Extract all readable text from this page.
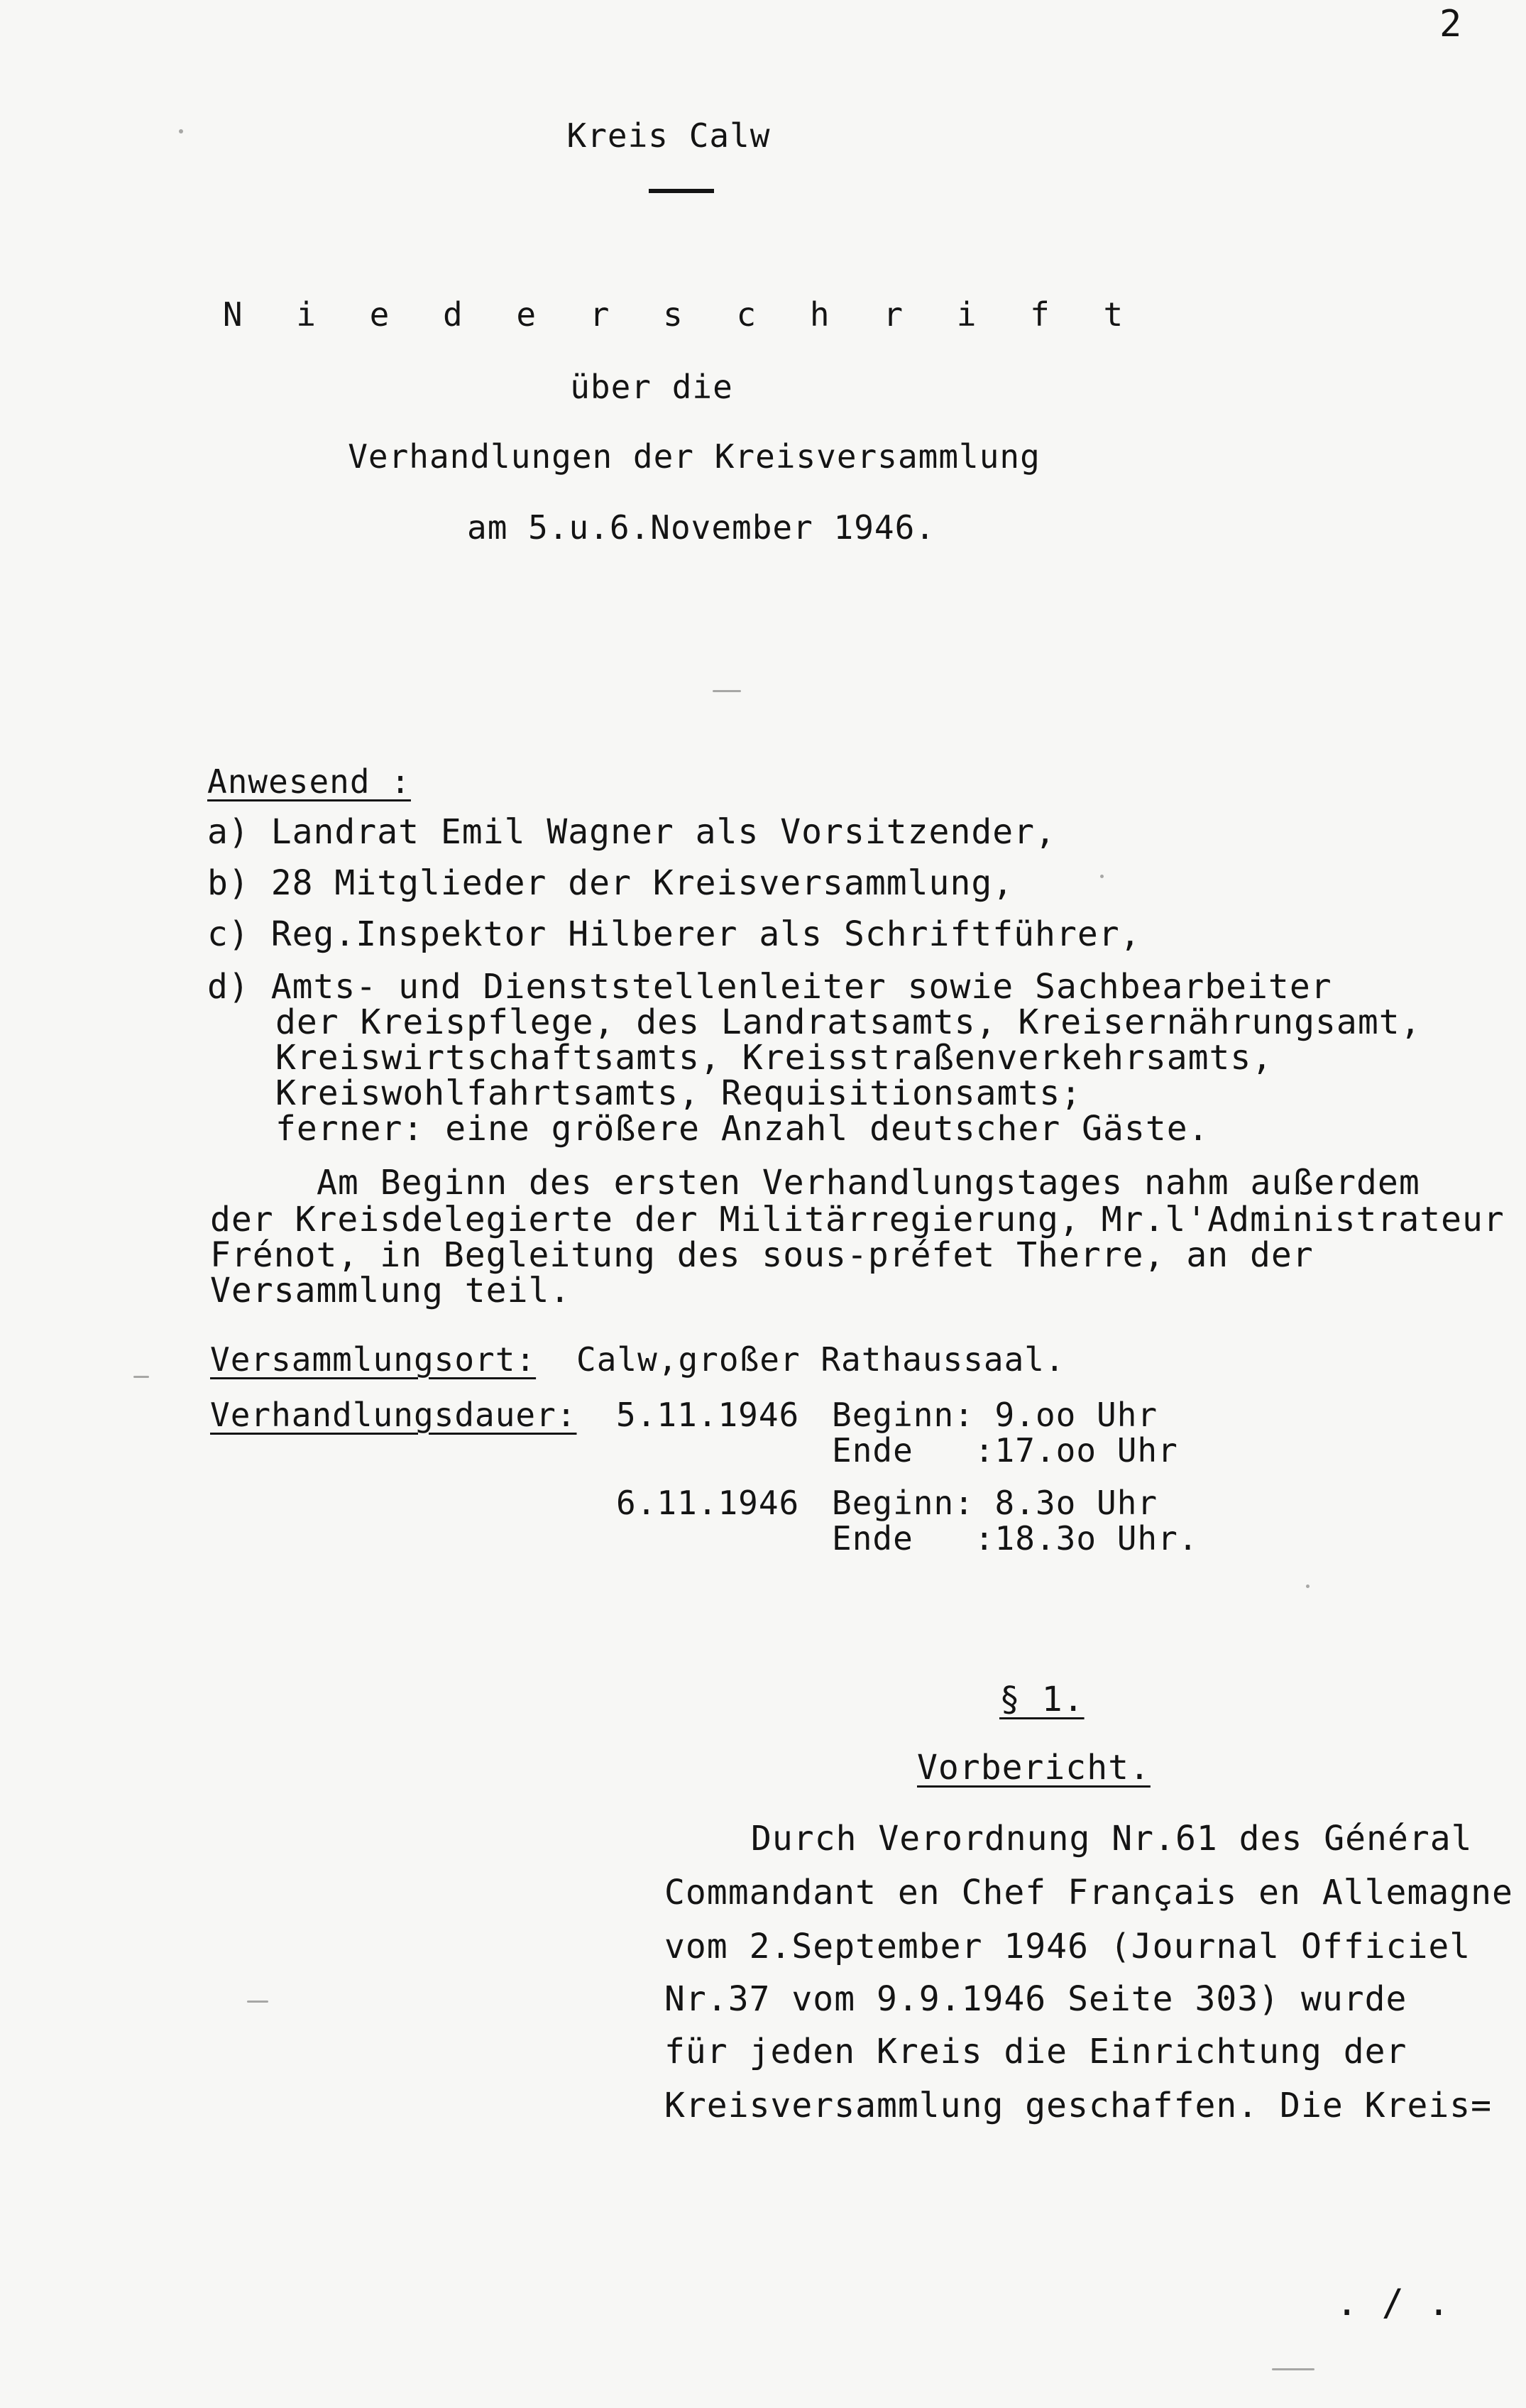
2
Kreis Calw
N i e d e r s c h r i f t
über die
Verhandlungen der Kreisversammlung
am 5.u.6.November 1946.
Anwesend :
a) Landrat Emil Wagner als Vorsitzender,
b) 28 Mitglieder der Kreisversammlung,
c) Reg.Inspektor Hilberer als Schriftführer,
d) Amts- und Dienststellenleiter sowie Sachbearbeiter
der Kreispflege, des Landratsamts, Kreisernährungsamt,
Kreiswirtschaftsamts, Kreisstraßenverkehrsamts,
Kreiswohlfahrtsamts, Requisitionsamts;
ferner: eine größere Anzahl deutscher Gäste.
Am Beginn des ersten Verhandlungstages nahm außerdem
der Kreisdelegierte der Militärregierung, Mr.l'Administrateur
Frénot, in Begleitung des sous-préfet Therre, an der
Versammlung teil.
Versammlungsort: Calw,großer Rathaussaal.
Verhandlungsdauer: 5.11.1946 Beginn: 9.oo Uhr
Ende   :17.oo Uhr
6.11.1946 Beginn: 8.3o Uhr
Ende   :18.3o Uhr.
§ 1.
Vorbericht.
Durch Verordnung Nr.61 des Général
Commandant en Chef Français en Allemagne
vom 2.September 1946 (Journal Officiel
Nr.37 vom 9.9.1946 Seite 303) wurde
für jeden Kreis die Einrichtung der
Kreisversammlung geschaffen. Die Kreis=
. / .
